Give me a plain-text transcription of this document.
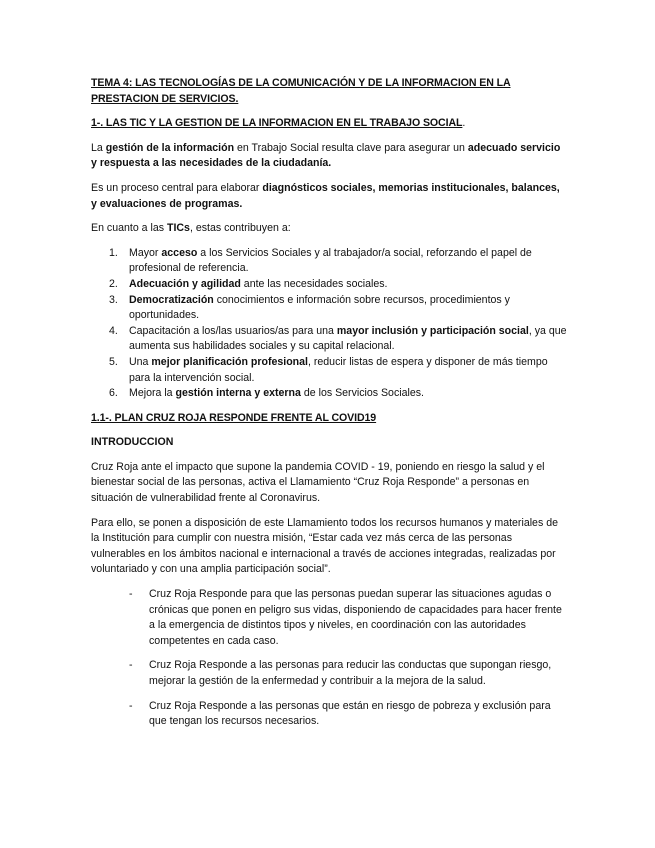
TEMA 4: LAS TECNOLOGÍAS DE LA COMUNICACIÓN Y DE LA INFORMACION EN LA PRESTACION DE SERVICIOS.

1-. LAS TIC Y LA GESTION DE LA INFORMACION EN EL TRABAJO SOCIAL.

La gestión de la información en Trabajo Social resulta clave para asegurar un adecuado servicio y respuesta a las necesidades de la ciudadanía.

Es un proceso central para elaborar diagnósticos sociales, memorias institucionales, balances, y evaluaciones de programas.

En cuanto a las TICs, estas contribuyen a:

1. Mayor acceso a los Servicios Sociales y al trabajador/a social, reforzando el papel de profesional de referencia.
2. Adecuación y agilidad ante las necesidades sociales.
3. Democratización conocimientos e información sobre recursos, procedimientos y oportunidades.
4. Capacitación a los/las usuarios/as para una mayor inclusión y participación social, ya que aumenta sus habilidades sociales y su capital relacional.
5. Una mejor planificación profesional, reducir listas de espera y disponer de más tiempo para la intervención social.
6. Mejora la gestión interna y externa de los Servicios Sociales.

1.1-. PLAN CRUZ ROJA RESPONDE FRENTE AL COVID19

INTRODUCCION

Cruz Roja ante el impacto que supone la pandemia COVID - 19, poniendo en riesgo la salud y el bienestar social de las personas, activa el Llamamiento “Cruz Roja Responde” a personas en situación de vulnerabilidad frente al Coronavirus.

Para ello, se ponen a disposición de este Llamamiento todos los recursos humanos y materiales de la Institución para cumplir con nuestra misión, “Estar cada vez más cerca de las personas vulnerables en los ámbitos nacional e internacional a través de acciones integradas, realizadas por voluntariado y con una amplia participación social”.

- Cruz Roja Responde para que las personas puedan superar las situaciones agudas o crónicas que ponen en peligro sus vidas, disponiendo de capacidades para hacer frente a la emergencia de distintos tipos y niveles, en coordinación con las autoridades competentes en cada caso.
- Cruz Roja Responde a las personas para reducir las conductas que supongan riesgo, mejorar la gestión de la enfermedad y contribuir a la mejora de la salud.
- Cruz Roja Responde a las personas que están en riesgo de pobreza y exclusión para que tengan los recursos necesarios.
